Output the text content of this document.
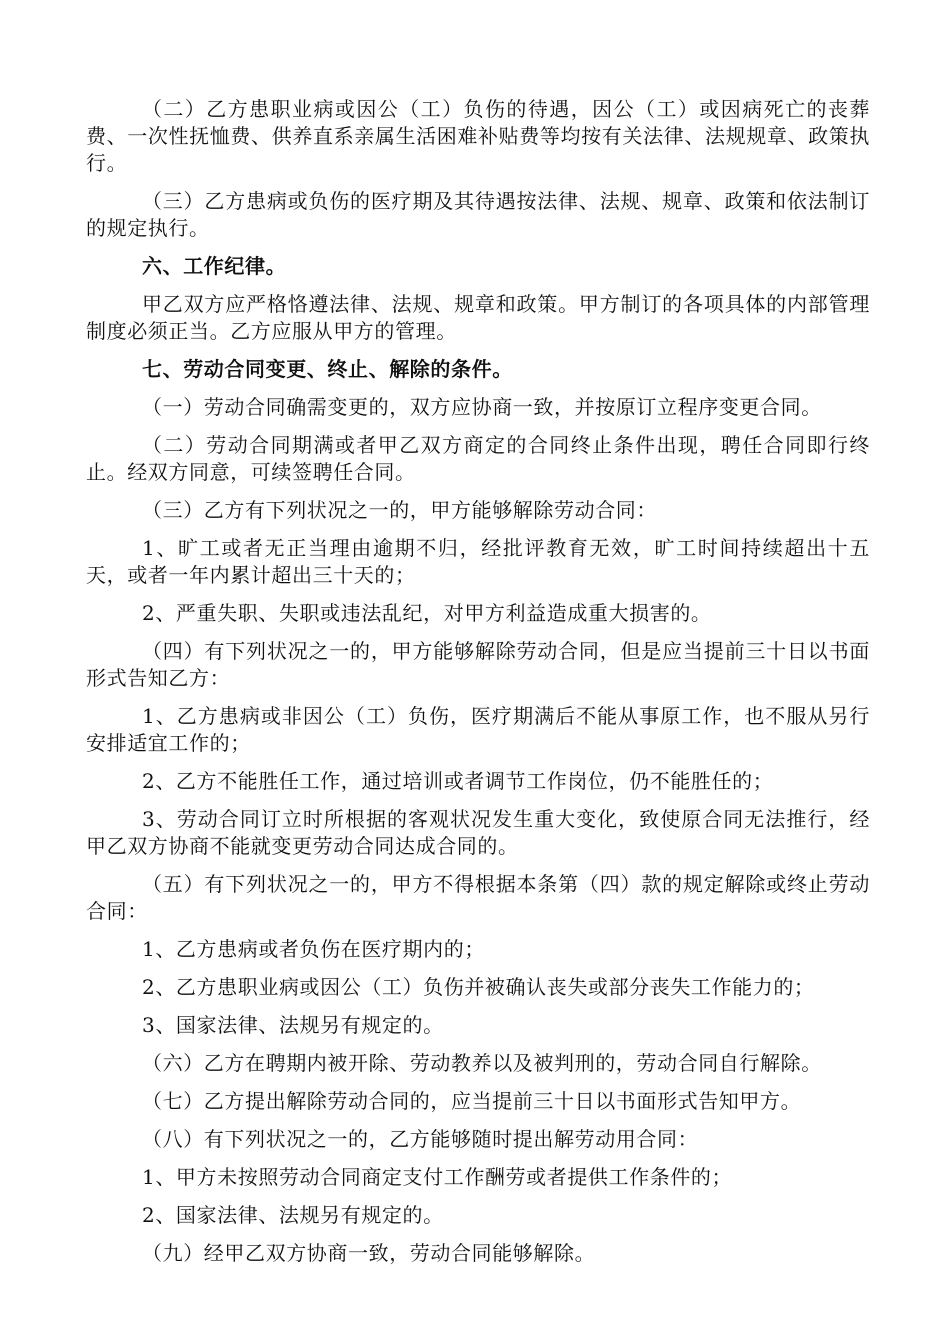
（二）乙方患职业病或因公（工）负伤的待遇，因公（工）或因病死亡的丧葬费、一次性抚恤费、供养直系亲属生活困难补贴费等均按有关法律、法规规章、政策执行。

（三）乙方患病或负伤的医疗期及其待遇按法律、法规、规章、政策和依法制订的规定执行。

六、工作纪律。

甲乙双方应严格恪遵法律、法规、规章和政策。甲方制订的各项具体的内部管理制度必须正当。乙方应服从甲方的管理。

七、劳动合同变更、终止、解除的条件。

（一）劳动合同确需变更的，双方应协商一致，并按原订立程序变更合同。

（二）劳动合同期满或者甲乙双方商定的合同终止条件出现，聘任合同即行终止。经双方同意，可续签聘任合同。

（三）乙方有下列状况之一的，甲方能够解除劳动合同：

1、旷工或者无正当理由逾期不归，经批评教育无效，旷工时间持续超出十五天，或者一年内累计超出三十天的；

2、严重失职、失职或违法乱纪，对甲方利益造成重大损害的。

（四）有下列状况之一的，甲方能够解除劳动合同，但是应当提前三十日以书面形式告知乙方：

1、乙方患病或非因公（工）负伤，医疗期满后不能从事原工作，也不服从另行安排适宜工作的；

2、乙方不能胜任工作，通过培训或者调节工作岗位，仍不能胜任的；

3、劳动合同订立时所根据的客观状况发生重大变化，致使原合同无法推行，经甲乙双方协商不能就变更劳动合同达成合同的。

（五）有下列状况之一的，甲方不得根据本条第（四）款的规定解除或终止劳动合同：

1、乙方患病或者负伤在医疗期内的；

2、乙方患职业病或因公（工）负伤并被确认丧失或部分丧失工作能力的；

3、国家法律、法规另有规定的。

（六）乙方在聘期内被开除、劳动教养以及被判刑的，劳动合同自行解除。

（七）乙方提出解除劳动合同的，应当提前三十日以书面形式告知甲方。

（八）有下列状况之一的，乙方能够随时提出解劳动用合同：

1、甲方未按照劳动合同商定支付工作酬劳或者提供工作条件的；

2、国家法律、法规另有规定的。

（九）经甲乙双方协商一致，劳动合同能够解除。
